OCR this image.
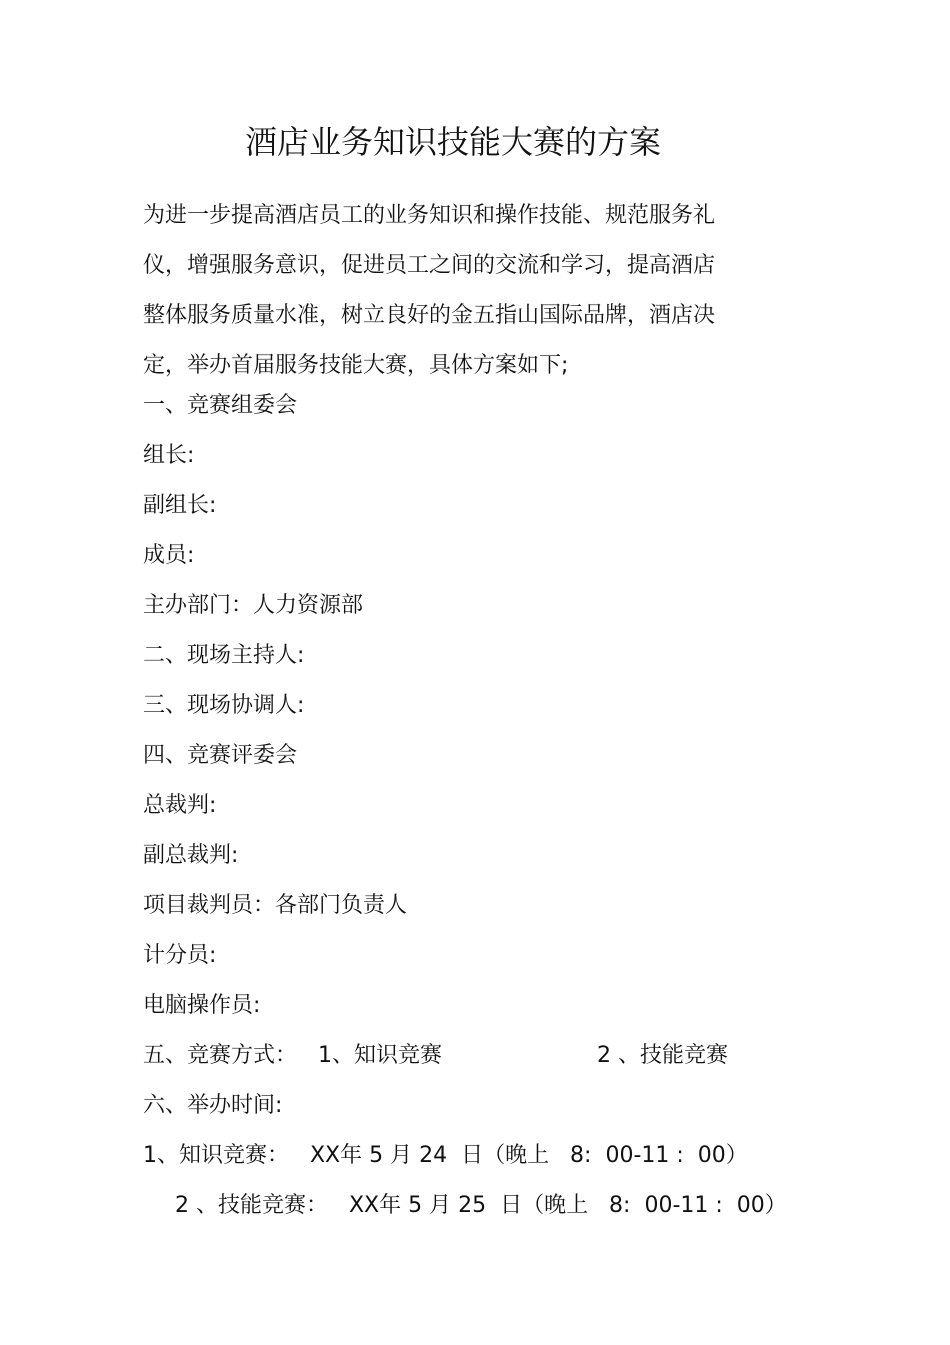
酒店业务知识技能大赛的方案
为进一步提高酒店员工的业务知识和操作技能、规范服务礼
仪，增强服务意识，促进员工之间的交流和学习，提高酒店
整体服务质量水准，树立良好的金五指山国际品牌，酒店决
定，举办首届服务技能大赛，具体方案如下;
一、竞赛组委会
组长:
副组长:
成员:
主办部门：人力资源部
二、现场主持人:
三、现场协调人:
四、竞赛评委会
总裁判:
副总裁判:
项目裁判员：各部门负责人
计分员:
电脑操作员:
五、竞赛方式：   1、知识竞赛	2 、技能竞赛
六、举办时间:
1、知识竞赛：   XX年 5 月 24  日（晚上   8:  00-11 :  00）
2 、技能竞赛：   XX年 5 月 25  日（晚上   8:  00-11 :  00）
